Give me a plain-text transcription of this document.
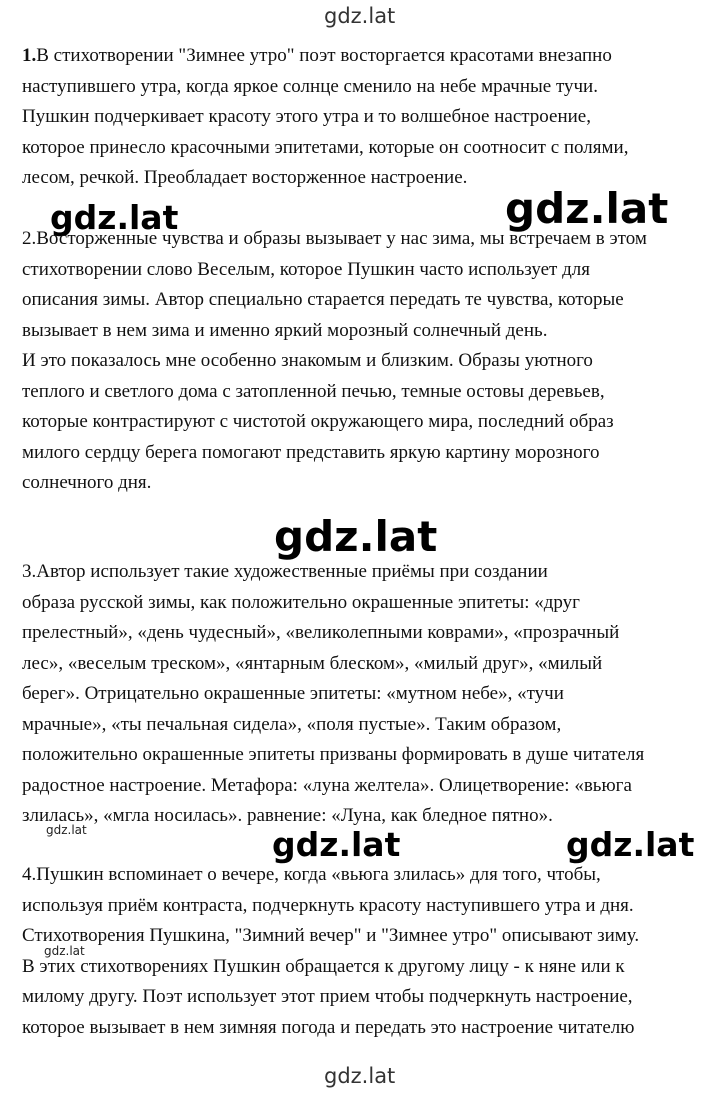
gdz.lat
gdz.lat	gdz.lat
gdz.lat
gdz.lat	gdz.lat	gdz.lat
gdz.lat
gdz.lat
1.В стихотворении "Зимнее утро" поэт восторгается красотами внезапно
наступившего утра, когда яркое солнце сменило на небе мрачные тучи.
Пушкин подчеркивает красоту этого утра и то волшебное настроение,
которое принесло красочными эпитетами, которые он соотносит с полями,
лесом, речкой. Преобладает восторженное настроение.
2.Восторженные чувства и образы вызывает у нас зима, мы встречаем в этом
стихотворении слово Веселым, которое Пушкин часто использует для
описания зимы. Автор специально старается передать те чувства, которые
вызывает в нем зима и именно яркий морозный солнечный день.
И это показалось мне особенно знакомым и близким. Образы уютного
теплого и светлого дома с затопленной печью, темные остовы деревьев,
которые контрастируют с чистотой окружающего мира, последний образ
милого сердцу берега помогают представить яркую картину морозного
солнечного дня.
3.Автор использует такие художественные приёмы при создании
образа русской зимы, как положительно окрашенные эпитеты: «друг
прелестный», «день чудесный», «великолепными коврами», «прозрачный
лес», «веселым треском», «янтарным блеском», «милый друг», «милый
берег». Отрицательно окрашенные эпитеты: «мутном небе», «тучи
мрачные», «ты печальная сидела», «поля пустые». Таким образом,
положительно окрашенные эпитеты призваны формировать в душе читателя
радостное настроение. Метафора: «луна желтела». Олицетворение: «вьюга
злилась», «мгла носилась». равнение: «Луна, как бледное пятно».
4.Пушкин вспоминает о вечере, когда «вьюга злилась» для того, чтобы,
используя приём контраста, подчеркнуть красоту наступившего утра и дня.
Стихотворения Пушкина, "Зимний вечер" и "Зимнее утро" описывают зиму.
В этих стихотворениях Пушкин обращается к другому лицу - к няне или к
милому другу. Поэт использует этот прием чтобы подчеркнуть настроение,
которое вызывает в нем зимняя погода и передать это настроение читателю
